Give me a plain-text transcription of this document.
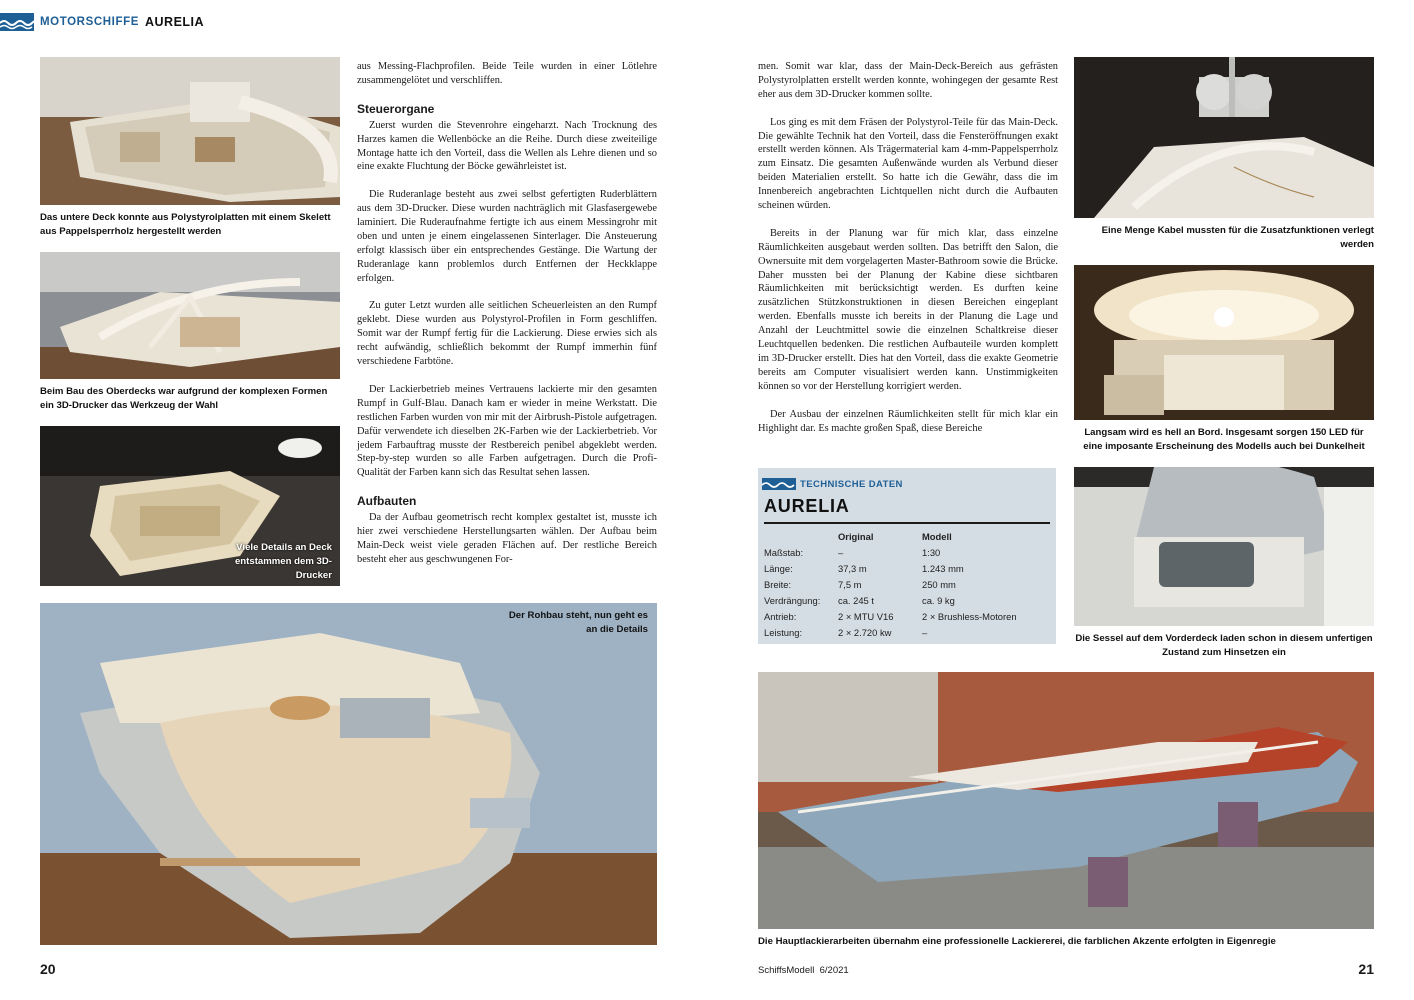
MOTORSCHIFFE AURELIA
Das untere Deck konnte aus Polystyrolplatten mit einem Skelett aus Pappelsperrholz hergestellt werden
Beim Bau des Oberdecks war aufgrund der komplexen Formen ein 3D-Drucker das Werkzeug der Wahl
Viele Details an Deck entstammen dem 3D-Drucker

aus Messing-Flachprofilen. Beide Teile wurden in einer Lötlehre zusammengelötet und verschliffen.

Steuerorgane

Zuerst wurden die Stevenrohre eingeharzt. Nach Trocknung des Harzes kamen die Wellenböcke an die Reihe. Durch diese zweiteilige Montage hatte ich den Vorteil, dass die Wellen als Lehre dienen und so eine exakte Fluchtung der Böcke gewährleistet ist.

Die Ruderanlage besteht aus zwei selbst gefertigten Ruderblättern aus dem 3D-Drucker. Diese wurden nachträglich mit Glasfasergewebe laminiert. Die Ruderaufnahme fertigte ich aus einem Messingrohr mit oben und unten je einem eingelassenen Sinterlager. Die Ansteuerung erfolgt klassisch über ein entsprechendes Gestänge. Die Wartung der Ruderanlage kann problemlos durch Entfernen der Heckklappe erfolgen.

Zu guter Letzt wurden alle seitlichen Scheuerleisten an den Rumpf geklebt. Diese wurden aus Polystyrol-Profilen in Form geschliffen. Somit war der Rumpf fertig für die Lackierung. Diese erwies sich als recht aufwändig, schließlich bekommt der Rumpf immerhin fünf verschiedene Farbtöne.

Der Lackierbetrieb meines Vertrauens lackierte mir den gesamten Rumpf in Gulf-Blau. Danach kam er wieder in meine Werkstatt. Die restlichen Farben wurden von mir mit der Airbrush-Pistole aufgetragen. Dafür verwendete ich dieselben 2K-Farben wie der Lackierbetrieb. Vor jedem Farbauftrag musste der Restbereich penibel abgeklebt werden. Step-by-step wurden so alle Farben aufgetragen. Durch die Profi-Qualität der Farben kann sich das Resultat sehen lassen.

Aufbauten

Da der Aufbau geometrisch recht komplex gestaltet ist, musste ich hier zwei verschiedene Herstellungsarten wählen. Der Aufbau beim Main-Deck weist viele geraden Flächen auf. Der restliche Bereich besteht eher aus geschwungenen For-

Der Rohbau steht, nun geht es an die Details

men. Somit war klar, dass der Main-Deck-Bereich aus gefrästen Polystyrolplatten erstellt werden konnte, wohingegen der gesamte Rest eher aus dem 3D-Drucker kommen sollte.

Los ging es mit dem Fräsen der Polystyrol-Teile für das Main-Deck. Die gewählte Technik hat den Vorteil, dass die Fensteröffnungen exakt erstellt werden können. Als Trägermaterial kam 4-mm-Pappelsperrholz zum Einsatz. Die gesamten Außenwände wurden als Verbund dieser beiden Materialien erstellt. So hatte ich die Gewähr, dass die im Innenbereich angebrachten Lichtquellen nicht durch die Aufbauten scheinen würden.

Bereits in der Planung war für mich klar, dass einzelne Räumlichkeiten ausgebaut werden sollten. Das betrifft den Salon, die Ownersuite mit dem vorgelagerten Master-Bathroom sowie die Brücke. Daher mussten bei der Planung der Kabine diese sichtbaren Räumlichkeiten mit berücksichtigt werden. Es durften keine zusätzlichen Stützkonstruktionen in diesen Bereichen eingeplant werden. Ebenfalls musste ich bereits in der Planung die Lage und Anzahl der Leuchtmittel sowie die einzelnen Schaltkreise dieser Leuchtquellen bedenken. Die restlichen Aufbauteile wurden komplett im 3D-Drucker erstellt. Dies hat den Vorteil, dass die exakte Geometrie bereits am Computer visualisiert werden kann. Unstimmigkeiten können so vor der Herstellung korrigiert werden.

Der Ausbau der einzelnen Räumlichkeiten stellt für mich klar ein Highlight dar. Es machte großen Spaß, diese Bereiche

TECHNISCHE DATEN
AURELIA
	Original	Modell
Maßstab:	–	1:30
Länge:	37,3 m	1.243 mm
Breite:	7,5 m	250 mm
Verdrängung:	ca. 245 t	ca. 9 kg
Antrieb:	2 × MTU V16	2 × Brushless-Motoren
Leistung:	2 × 2.720 kw	–
Eine Menge Kabel mussten für die Zusatzfunktionen verlegt werden
Langsam wird es hell an Bord. Insgesamt sorgen 150 LED für eine imposante Erscheinung des Modells auch bei Dunkelheit
Die Sessel auf dem Vorderdeck laden schon in diesem unfertigen Zustand zum Hinsetzen ein
Die Hauptlackierarbeiten übernahm eine professionelle Lackiererei, die farblichen Akzente erfolgten in Eigenregie
20	SchiffsModell 6/2021	21
